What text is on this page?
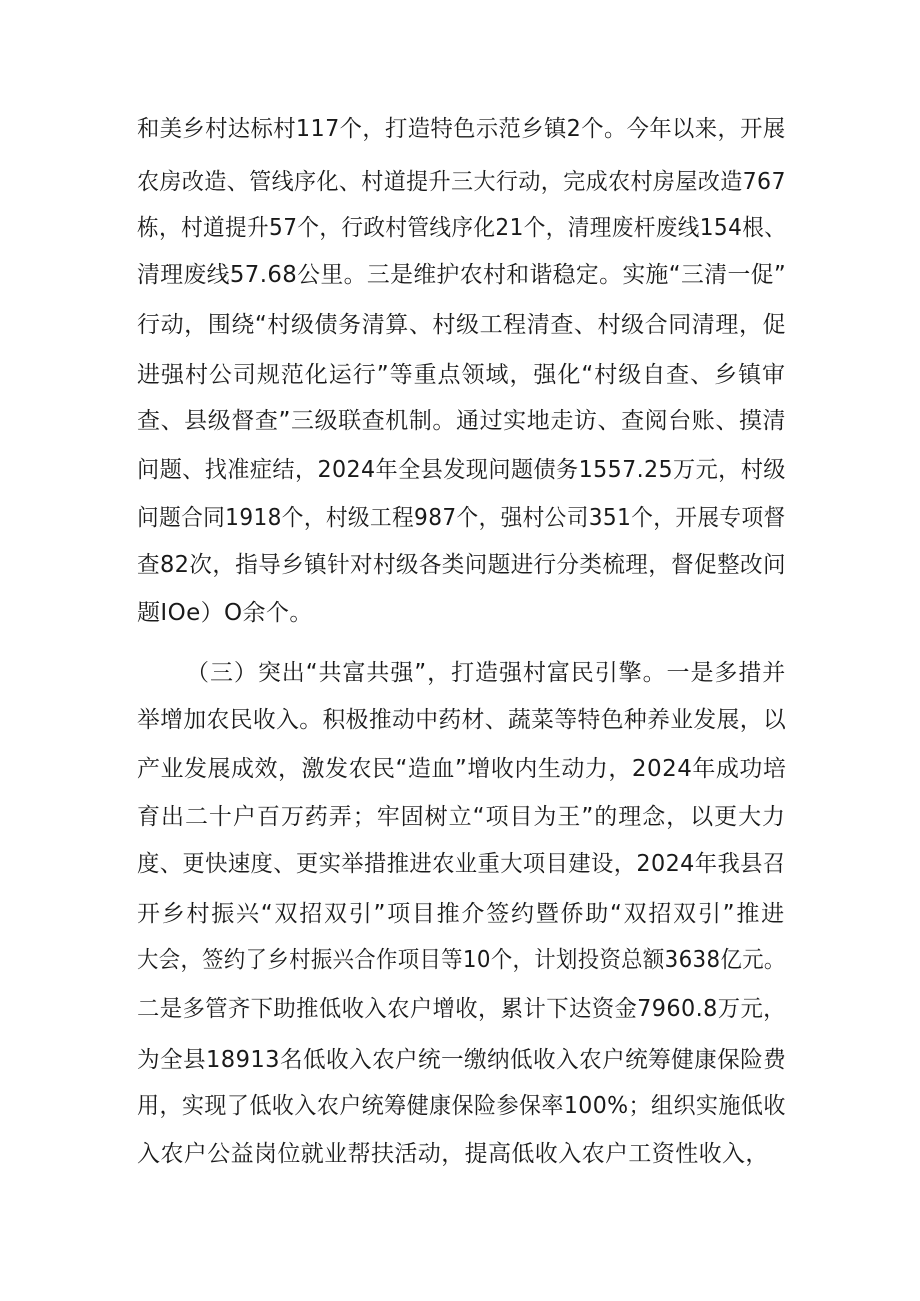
和美乡村达标村117个，打造特色示范乡镇2个。今年以来，开展
农房改造、管线序化、村道提升三大行动，完成农村房屋改造767
栋，村道提升57个，行政村管线序化21个，清理废杆废线154根、
清理废线57.68公里。三是维护农村和谐稳定。实施“三清一促”
行动，围绕“村级债务清算、村级工程清查、村级合同清理，促
进强村公司规范化运行”等重点领域，强化“村级自查、乡镇审
查、县级督查”三级联查机制。通过实地走访、查阅台账、摸清
问题、找准症结，2024年全县发现问题债务1557.25万元，村级
问题合同1918个，村级工程987个，强村公司351个，开展专项督
查82次，指导乡镇针对村级各类问题进行分类梳理，督促整改问
题IOe）O余个。
（三）突出“共富共强”，打造强村富民引擎。一是多措并
举增加农民收入。积极推动中药材、蔬菜等特色种养业发展，以
产业发展成效，激发农民“造血”增收内生动力，2024年成功培
育出二十户百万药弄；牢固树立“项目为王”的理念，以更大力
度、更快速度、更实举措推进农业重大项目建设，2024年我县召
开乡村振兴“双招双引”项目推介签约暨侨助“双招双引”推进
大会，签约了乡村振兴合作项目等10个，计划投资总额3638亿元。
二是多管齐下助推低收入农户增收，累计下达资金7960.8万元，
为全县18913名低收入农户统一缴纳低收入农户统筹健康保险费
用，实现了低收入农户统筹健康保险参保率100%；组织实施低收
入农户公益岗位就业帮扶活动，提高低收入农户工资性收入，
